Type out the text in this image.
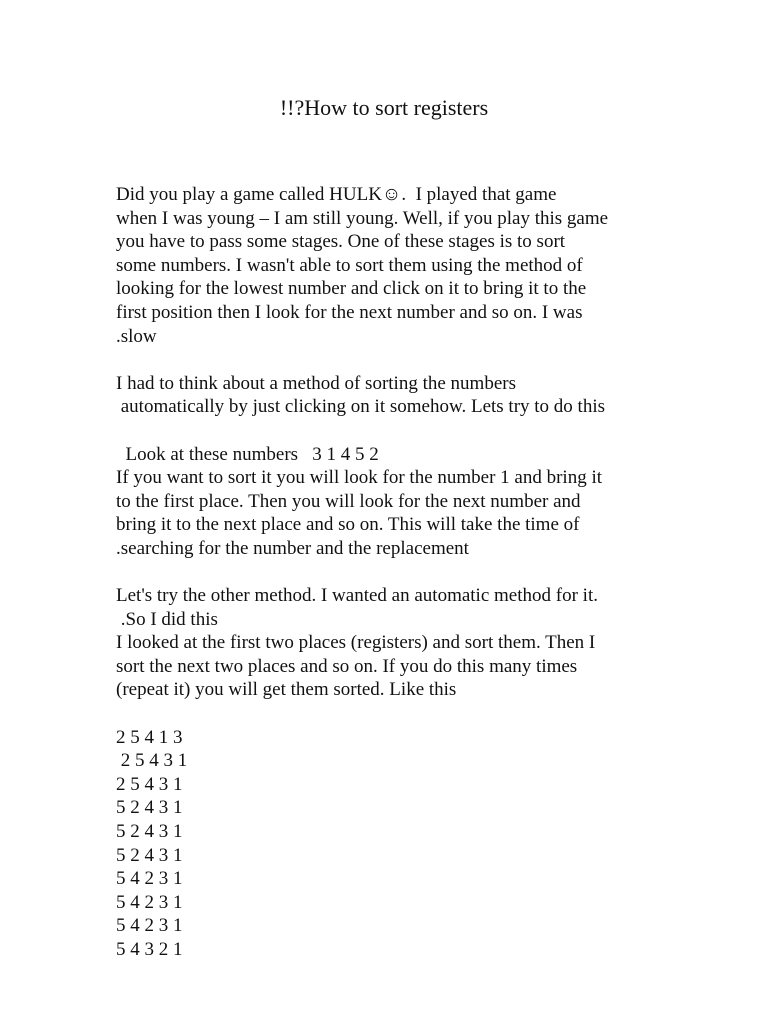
!!?How to sort registers
Did you play a game called HULK☺.  I played that game
when I was young – I am still young. Well, if you play this game
you have to pass some stages. One of these stages is to sort
some numbers. I wasn't able to sort them using the method of
looking for the lowest number and click on it to bring it to the
first position then I look for the next number and so on. I was
.slow
I had to think about a method of sorting the numbers
automatically by just clicking on it somehow. Lets try to do this
Look at these numbers   3 1 4 5 2
If you want to sort it you will look for the number 1 and bring it
to the first place. Then you will look for the next number and
bring it to the next place and so on. This will take the time of
.searching for the number and the replacement
Let's try the other method. I wanted an automatic method for it.
.So I did this
I looked at the first two places (registers) and sort them. Then I
sort the next two places and so on. If you do this many times
(repeat it) you will get them sorted. Like this
2 5 4 1 3
2 5 4 3 1
2 5 4 3 1
5 2 4 3 1
5 2 4 3 1
5 2 4 3 1
5 4 2 3 1
5 4 2 3 1
5 4 2 3 1
5 4 3 2 1
